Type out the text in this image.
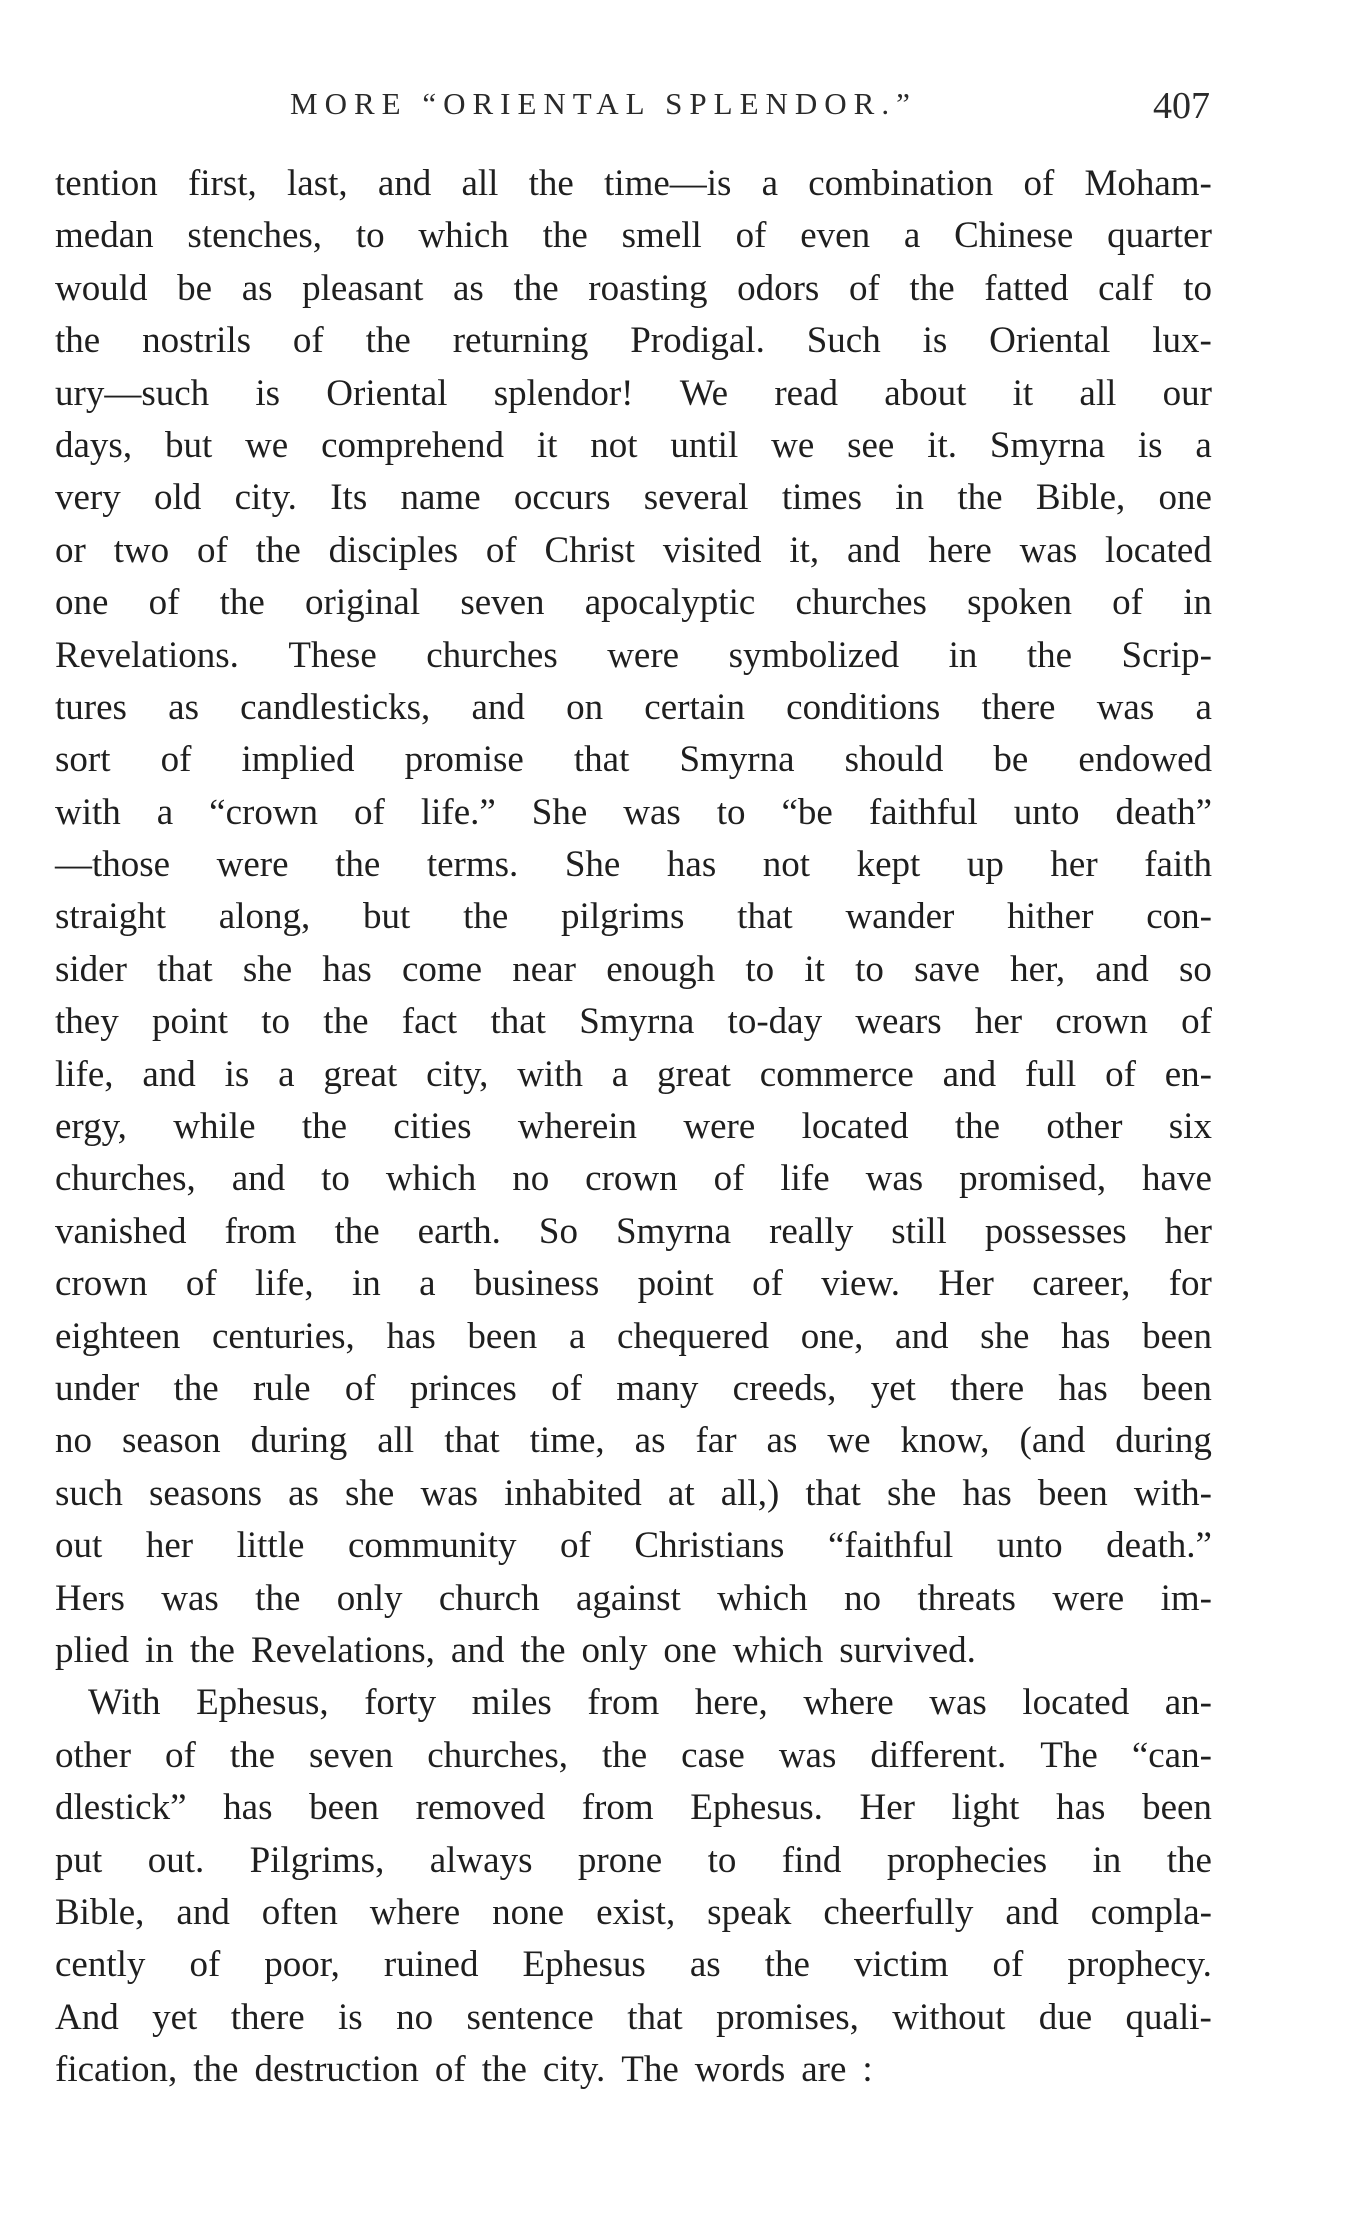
MORE “ORIENTAL SPLENDOR.”	407
tention first, last, and all the time—is a combination of Moham-
medan stenches, to which the smell of even a Chinese quarter
would be as pleasant as the roasting odors of the fatted calf to
the nostrils of the returning Prodigal. Such is Oriental lux-
ury—such is Oriental splendor! We read about it all our
days, but we comprehend it not until we see it. Smyrna is a
very old city. Its name occurs several times in the Bible, one
or two of the disciples of Christ visited it, and here was located
one of the original seven apocalyptic churches spoken of in
Revelations. These churches were symbolized in the Scrip-
tures as candlesticks, and on certain conditions there was a
sort of implied promise that Smyrna should be endowed
with a “crown of life.” She was to “be faithful unto death”
—those were the terms. She has not kept up her faith
straight along, but the pilgrims that wander hither con-
sider that she has come near enough to it to save her, and so
they point to the fact that Smyrna to-day wears her crown of
life, and is a great city, with a great commerce and full of en-
ergy, while the cities wherein were located the other six
churches, and to which no crown of life was promised, have
vanished from the earth. So Smyrna really still possesses her
crown of life, in a business point of view. Her career, for
eighteen centuries, has been a chequered one, and she has been
under the rule of princes of many creeds, yet there has been
no season during all that time, as far as we know, (and during
such seasons as she was inhabited at all,) that she has been with-
out her little community of Christians “faithful unto death.”
Hers was the only church against which no threats were im-
plied in the Revelations, and the only one which survived.
With Ephesus, forty miles from here, where was located an-
other of the seven churches, the case was different. The “can-
dlestick” has been removed from Ephesus. Her light has been
put out. Pilgrims, always prone to find prophecies in the
Bible, and often where none exist, speak cheerfully and compla-
cently of poor, ruined Ephesus as the victim of prophecy.
And yet there is no sentence that promises, without due quali-
fication, the destruction of the city. The words are :
